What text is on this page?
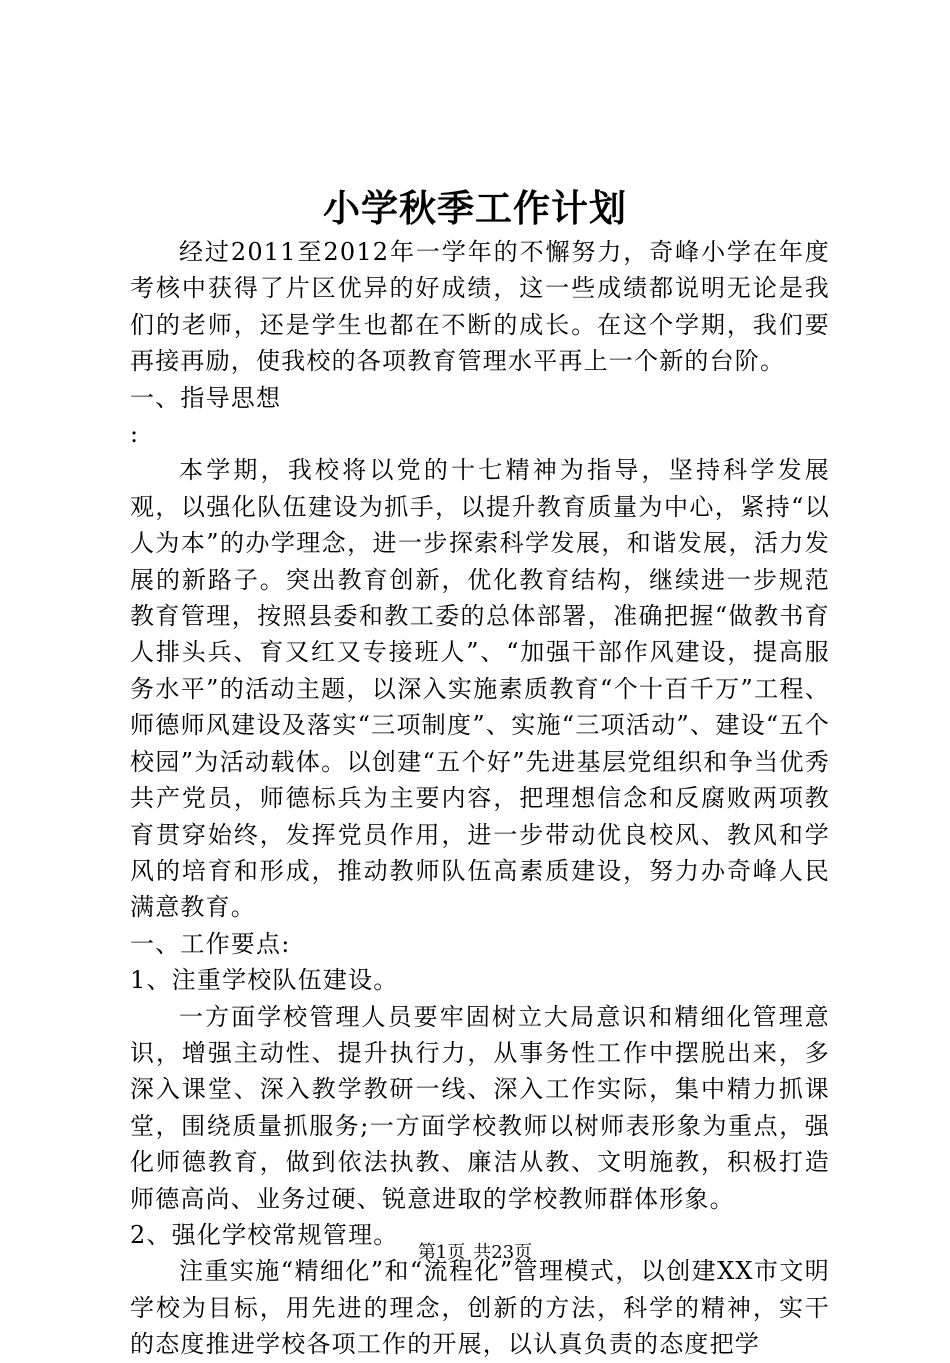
小学秋季工作计划

经过2011至2012年一学年的不懈努力，奇峰小学在年度考核中获得了片区优异的好成绩，这一些成绩都说明无论是我们的老师，还是学生也都在不断的成长。在这个学期，我们要再接再励，使我校的各项教育管理水平再上一个新的台阶。

一、指导思想

:

本学期，我校将以党的十七精神为指导，坚持科学发展观，以强化队伍建设为抓手，以提升教育质量为中心，紧持“以人为本”的办学理念，进一步探索科学发展，和谐发展，活力发展的新路子。突出教育创新，优化教育结构，继续进一步规范教育管理，按照县委和教工委的总体部署，准确把握“做教书育人排头兵、育又红又专接班人”、“加强干部作风建设，提高服务水平”的活动主题，以深入实施素质教育“个十百千万”工程、师德师风建设及落实“三项制度”、实施“三项活动”、建设“五个校园”为活动载体。以创建“五个好”先进基层党组织和争当优秀共产党员，师德标兵为主要内容，把理想信念和反腐败两项教育贯穿始终，发挥党员作用，进一步带动优良校风、教风和学风的培育和形成，推动教师队伍高素质建设，努力办奇峰人民满意教育。

一、工作要点:

1、注重学校队伍建设。

一方面学校管理人员要牢固树立大局意识和精细化管理意识，增强主动性、提升执行力，从事务性工作中摆脱出来，多深入课堂、深入教学教研一线、深入工作实际，集中精力抓课堂，围绕质量抓服务;一方面学校教师以树师表形象为重点，强化师德教育，做到依法执教、廉洁从教、文明施教，积极打造师德高尚、业务过硬、锐意进取的学校教师群体形象。

2、强化学校常规管理。

注重实施“精细化”和“流程化”管理模式，以创建XX市文明学校为目标，用先进的理念，创新的方法，科学的精神，实干的态度推进学校各项工作的开展，以认真负责的态度把学

第1页 共23页
